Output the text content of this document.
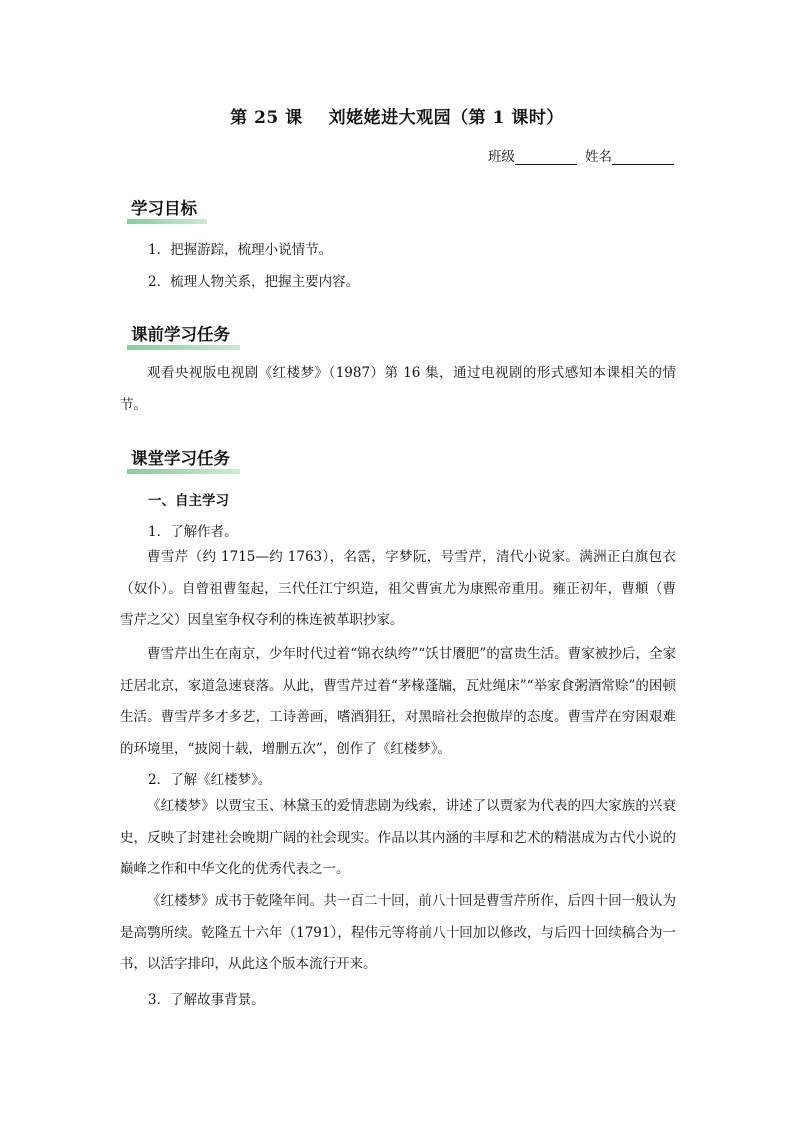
第 25 课 刘姥姥进大观园（第 1 课时）
班级	姓名
学习目标
1．把握游踪，梳理小说情节。
2．梳理人物关系，把握主要内容。
课前学习任务
观看央视版电视剧《红楼梦》（1987）第 16 集，通过电视剧的形式感知本课相关的情节。
课堂学习任务
一、自主学习
1．了解作者。
曹雪芹（约 1715—约 1763），名霑，字梦阮，号雪芹，清代小说家。满洲正白旗包衣（奴仆）。自曾祖曹玺起，三代任江宁织造，祖父曹寅尤为康熙帝重用。雍正初年，曹頫（曹雪芹之父）因皇室争权夺利的株连被革职抄家。
曹雪芹出生在南京，少年时代过着“锦衣纨绔”“饫甘餍肥”的富贵生活。曹家被抄后，全家迁居北京，家道急速衰落。从此，曹雪芹过着“茅椽蓬牖，瓦灶绳床”“举家食粥酒常赊”的困顿生活。曹雪芹多才多艺，工诗善画，嗜酒狷狂，对黑暗社会抱傲岸的态度。曹雪芹在穷困艰难的环境里，“披阅十载，增删五次”，创作了《红楼梦》。
2．了解《红楼梦》。
《红楼梦》以贾宝玉、林黛玉的爱情悲剧为线索，讲述了以贾家为代表的四大家族的兴衰史，反映了封建社会晚期广阔的社会现实。作品以其内涵的丰厚和艺术的精湛成为古代小说的巅峰之作和中华文化的优秀代表之一。
《红楼梦》成书于乾隆年间。共一百二十回，前八十回是曹雪芹所作，后四十回一般认为是高鹗所续。乾隆五十六年（1791），程伟元等将前八十回加以修改，与后四十回续稿合为一书，以活字排印，从此这个版本流行开来。
3．了解故事背景。
